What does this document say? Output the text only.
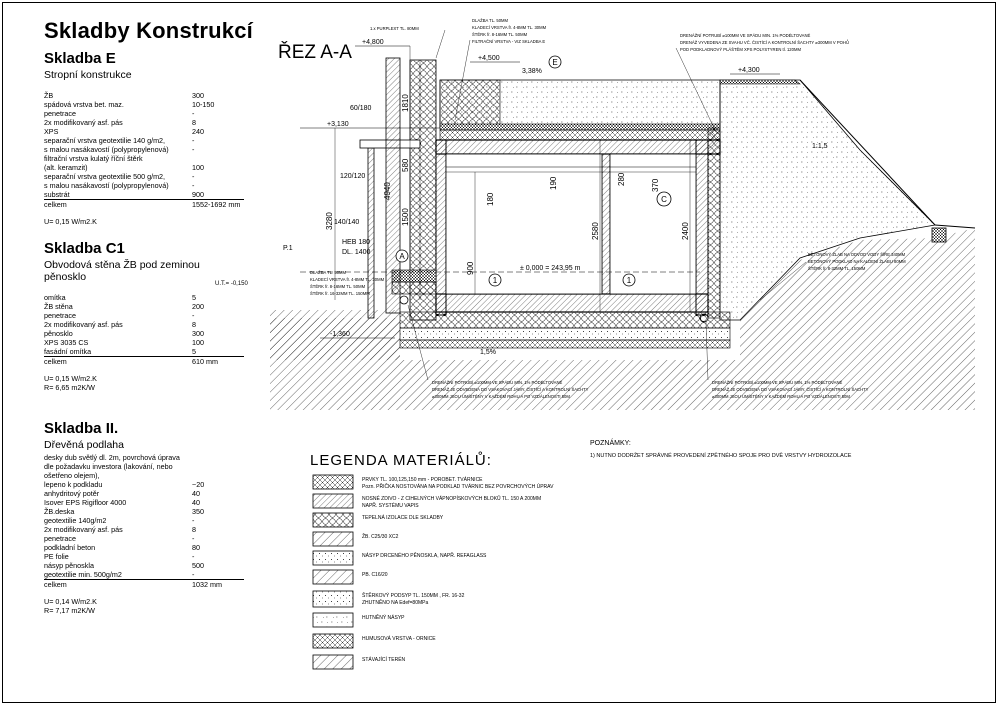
Skladby Konstrukcí
Skladba E
Stropní konstrukce
ŽB	300
spádová vrstva bet. maz.	10-150
penetrace	-
2x modifikovaný asf. pás	8
XPS	240
separační vrstva geotextilie 140 g/m2,	-
s malou nasákavostí (polypropylenová)	-
filtrační vrstva kulatý říční štěrk	
(alt. keramzit)	100
separační vrstva geotextilie 500 g/m2,	-
s malou nasákavostí (polypropylenová)	-
substrát	900
celkem	1552-1692 mm
U= 0,15 W/m2.K
Skladba C1
Obvodová stěna ŽB pod zeminou pěnosklo
omítka	5
ŽB stěna	200
penetrace	-
2x modifikovaný asf. pás	8
pěnosklo	300
XPS 3035 CS	100
fasádní omítka	5
celkem	610 mm
U= 0,15 W/m2.K
R= 6,65 m2K/W
Skladba II.
Dřevěná podlaha
desky dub světlý dl. 2m, povrchová úprava	
dle požadavku investora (lakování, nebo ošetřeno olejem),	
lepeno k podkladu	~20
anhydritový potěr	40
Isover EPS Rigifloor 4000	40
ŽB.deska	350
geotextilie 140g/m2	-
2x modifikovaný asf. pás	8
penetrace	-
podkladní beton	80
PE folie	-
násyp pěnoskla	500
geotextilie min. 500g/m2	-
celkem	1032 mm
U= 0,14 W/m2.K
R= 7,17 m2K/W
ŘEZ A-A
A
1	1
C
E
+4,800
+4,500
+4,300
+3,130
± 0,000 = 243,95 m
U.T.= -0,150
-1,360
1810
4940
3280
580
1500
900
2580	2400
190
180
280	370
60/180
120/120
140/140
HEB 180
DL. 1400
P.1
3,38%
1,5%
1:1,5
1.x PURPLEXT TL. 80MM
DLAŽBA TL. 50MM
KLADECÍ VRSTVA fr. 4-8MM TL. 30MM
ŠTĚRK fr. 8-16MM TL. 50MM
FILTRAČNÍ VRSTVA - VIZ SKLADBA E
DRENÁŽNÍ POTRUBÍ ⌀100MM VE SPÁDU MIN. 1% PODÉLTOVANÉ
DRENÁŽ VYVEDENA ZE SVAHU VČ. ČISTÍCÍ A KONTROLNÍ ŠACHTY ⌀300MM V POHŮ
POD PODKLADNOVÝ PLÁŠTĚM XPS POLYSTYREN tl. 120MM
BETONOVÝ ŽLAB NA ODVOD VODY ŠÍŘE 340MM
BETONOVÝ PODKLAD NA KALDENÍ ŽLABU 80MM
ŠTĚRK fr. 8-32MM TL. 150MM
DRENÁŽNÍ POTRUBÍ ⌀100MM VE SPÁDU MIN. 1% PODÉLTOVANÉ
DRENÁŽ JE ODVEDENA DO VSAKOVACÍ JÁMY. ČISTÍCÍ A KONTROLNÍ ŠACHTY
⌀300MM JSOU UMÍSTĚNY V KAŽDÉM ROHU A PO VZDÁLENOSTI 50M
DRENÁŽNÍ POTRUBÍ ⌀100MM VE SPÁDU MIN. 1% PODÉLTOVANÉ
DRENÁŽ JE ODVEDENA DO VSAKOVACÍ JÁMY. ČISTÍCÍ A KONTROLNÍ ŠACHTY
⌀300MM JSOU UMÍSTĚNY V KAŽDÉM ROHU A PO VZDÁLENOSTI 50M
DLAŽBA TL. 50MM
KLADECÍ VRSTVA fr. 4-8MM TL. 30MM
ŠTĚRK fr. 8-16MM TL. 50MM
ŠTĚRK fr. 16-32MM TL. 150MM
PRVKY TL. 100,125,150 mm - POROBET. TVÁRNICE
Pozn. PŘIČKA NOSTOVÁNA NA PODKLAD TVÁRNIC BEZ POVRCHOVÝCH ÚPRAV
NOSNÉ ZDIVO - Z CIHELNÝCH VÁPNOPÍSKOVÝCH BLOKŮ TL. 150 A 200MM
NAPŘ. SYSTÉMU VAPIS
TEPELNÁ IZOLACE DLE SKLADBY
ŽB. C25/30 XC2
NÁSYP DRCENÉHO PĚNOSKLA, NAPŘ. REFAGLASS
PB. C16/20
ŠTĚRKOVÝ PODSYP TL. 150MM , FR. 16-32
ZHUTNĚNO NA Edef=80MPa
HUTNĚNÝ NÁSYP
HUMUSOVÁ VRSTVA - ORNICE
STÁVAJÍCÍ TERÉN
LEGENDA MATERIÁLŮ:
POZNÁMKY:
1) NUTNO DODRŽET SPRÁVNÉ PROVEDENÍ ZPĚTNÉHO SPOJE PRO DVĚ VRSTVY HYDROIZOLACE
